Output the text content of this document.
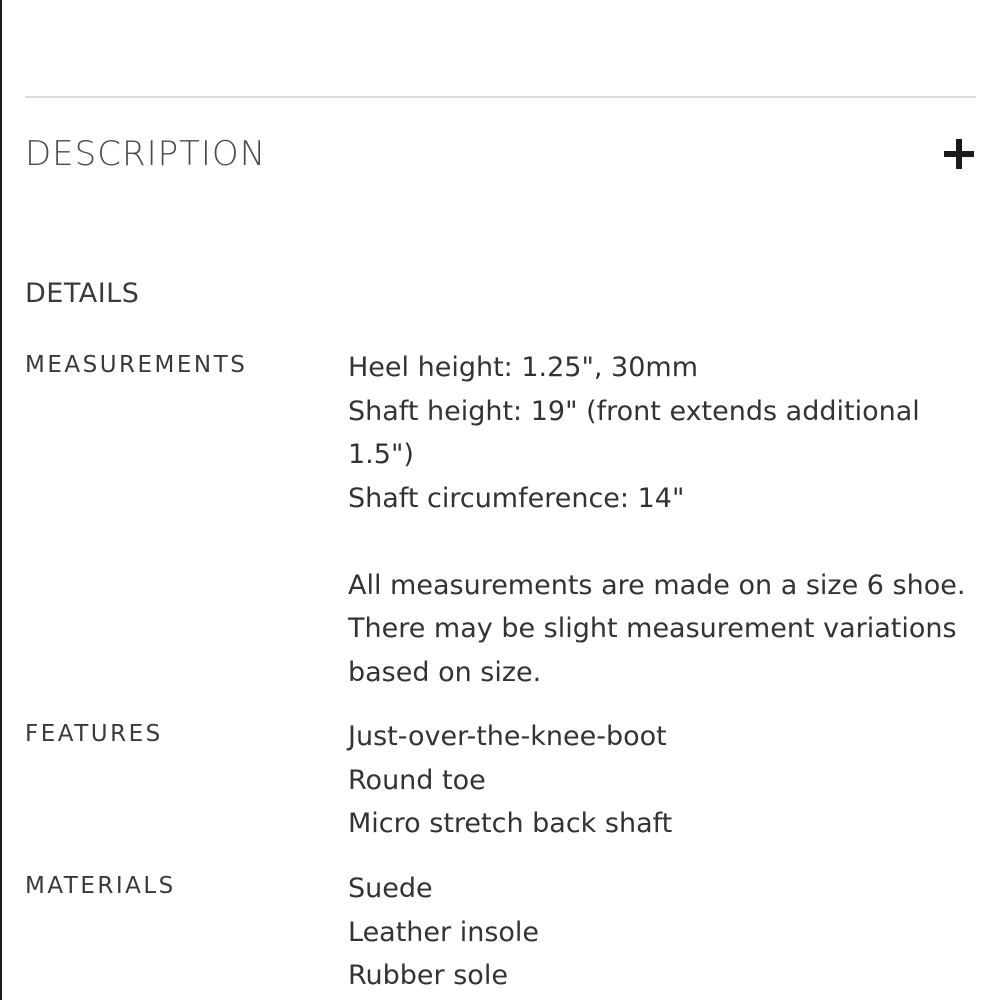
DESCRIPTION
DETAILS
MEASUREMENTS	Heel height: 1.25", 30mm
Shaft height: 19" (front extends additional
1.5")
Shaft circumference: 14"
All measurements are made on a size 6 shoe.
There may be slight measurement variations
based on size.
FEATURES	Just-over-the-knee-boot
Round toe
Micro stretch back shaft
MATERIALS	Suede
Leather insole
Rubber sole
